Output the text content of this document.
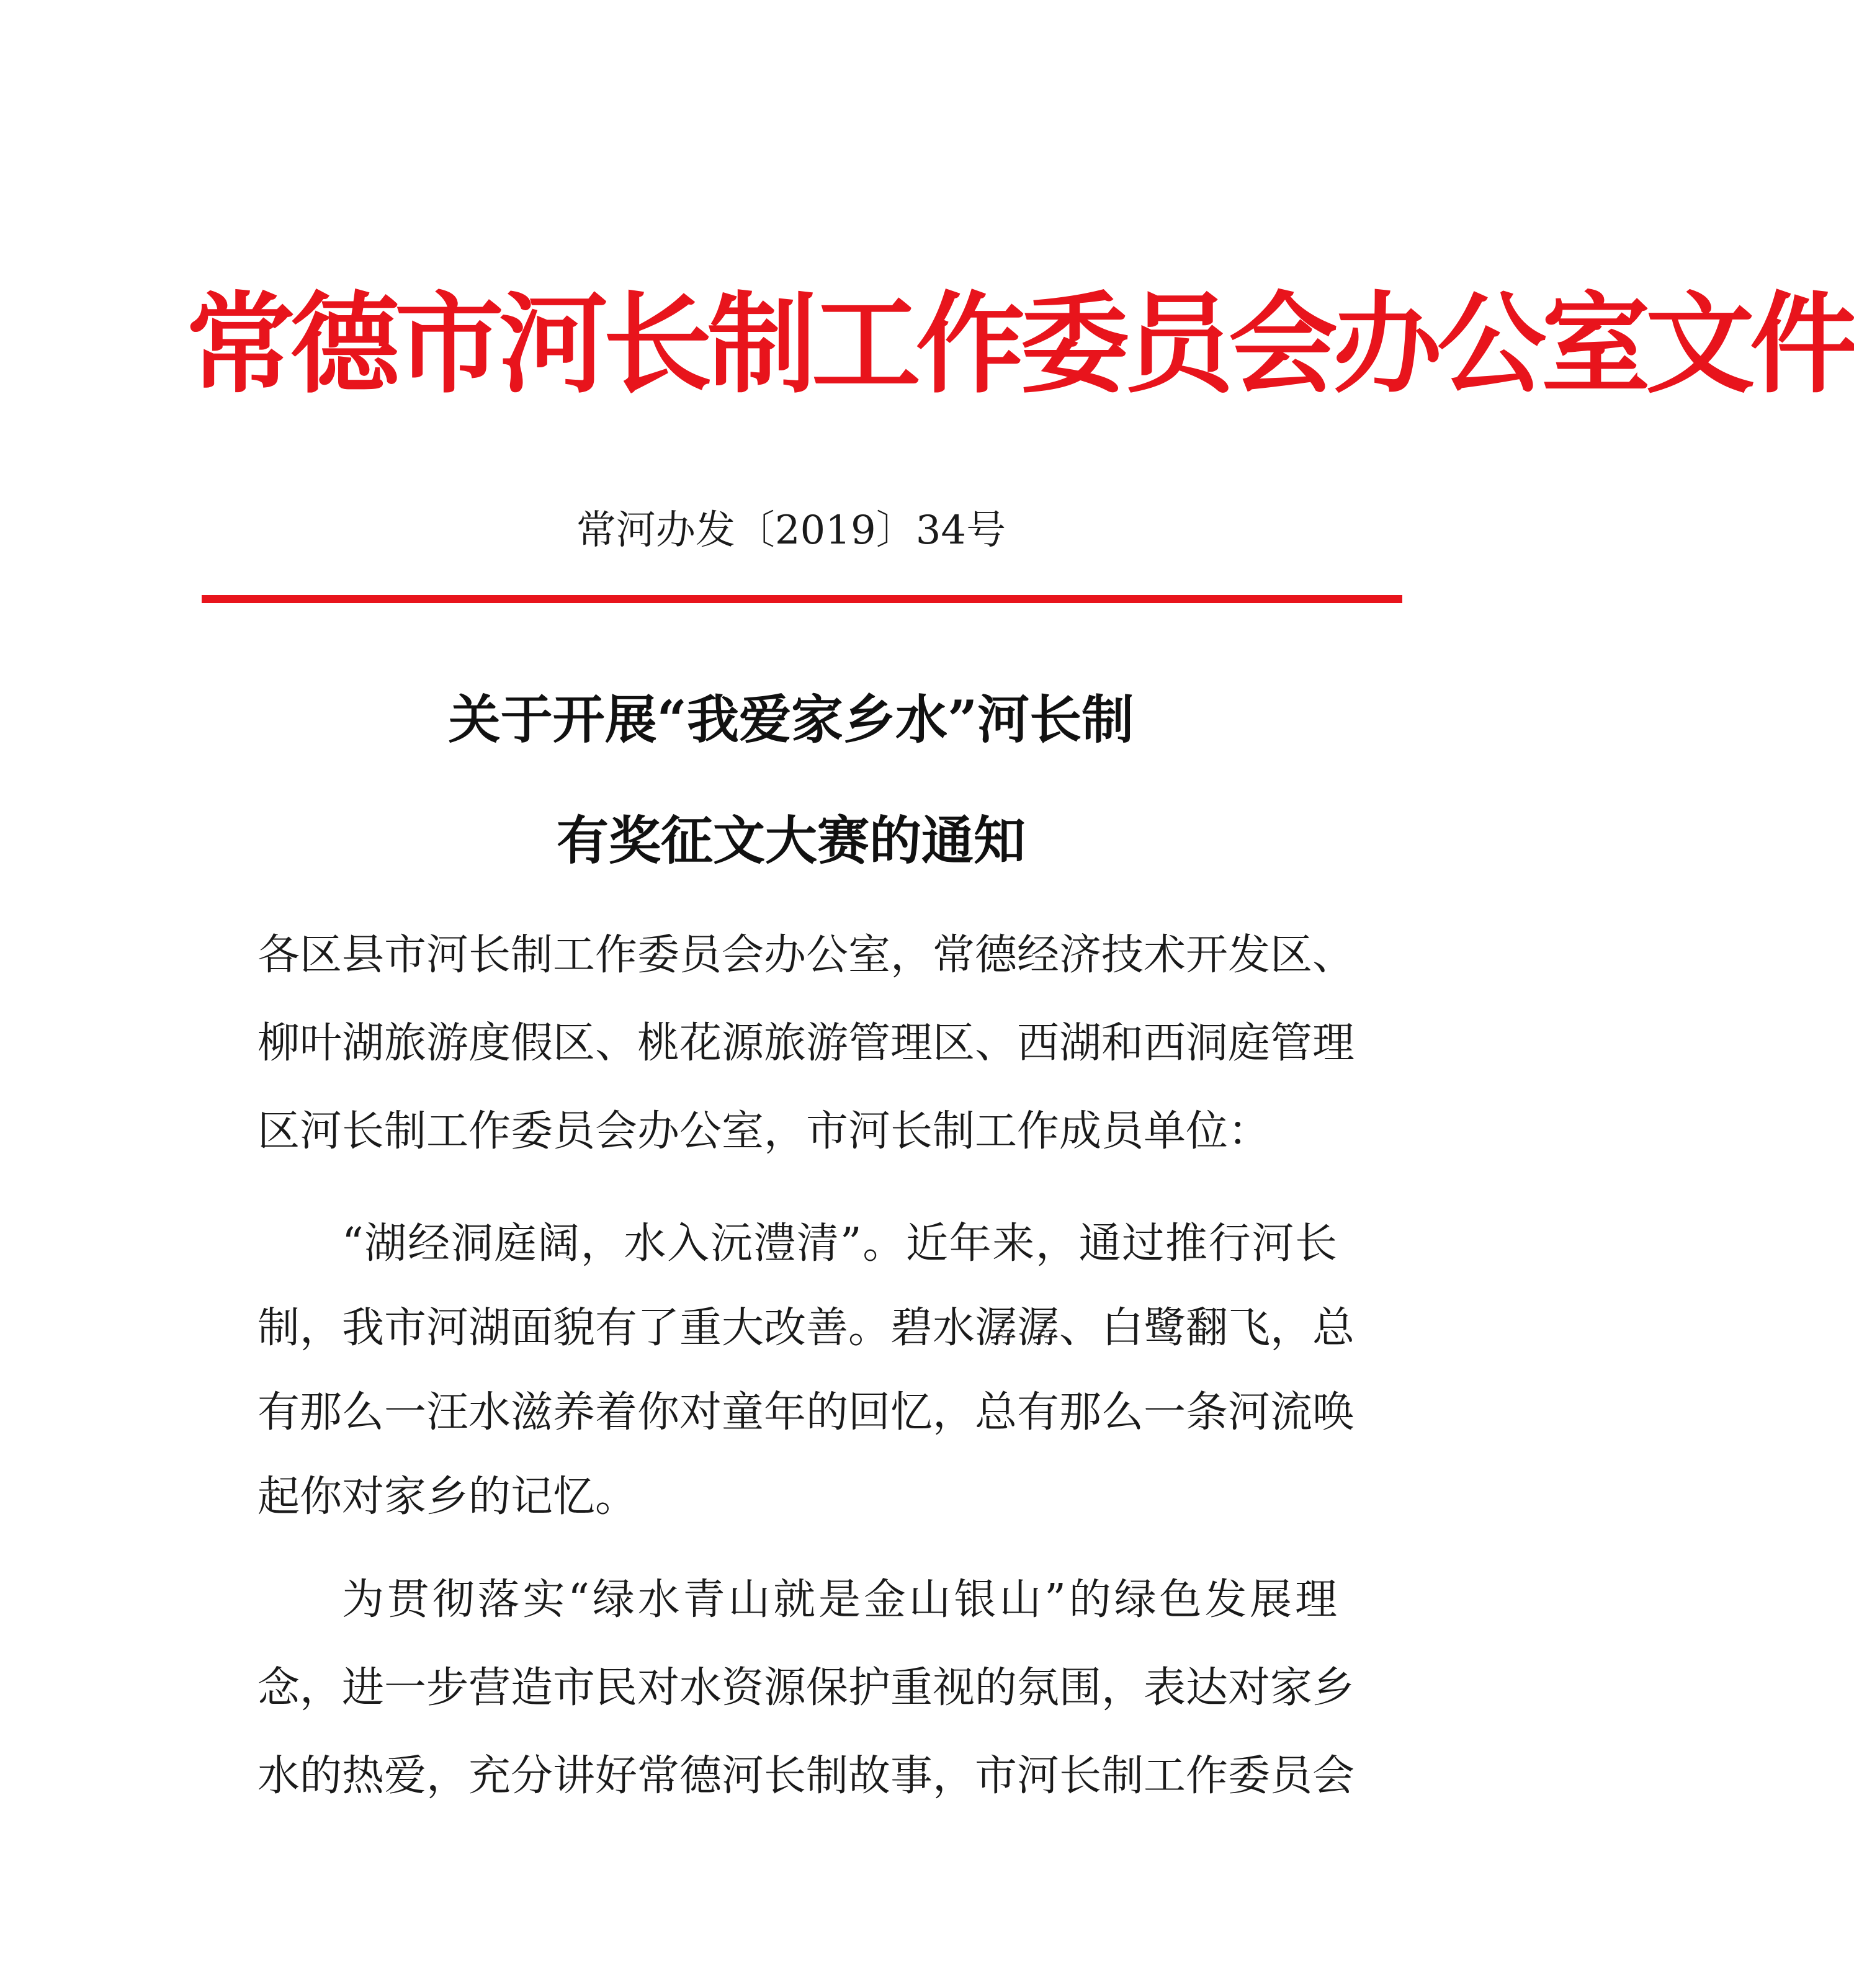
常德市河长制工作委员会办公室文件
常河办发〔2019〕34号
关于开展“我爱家乡水”河长制
有奖征文大赛的通知
各区县市河长制工作委员会办公室，常德经济技术开发区、
柳叶湖旅游度假区、桃花源旅游管理区、西湖和西洞庭管理
区河长制工作委员会办公室，市河长制工作成员单位：
“湖经洞庭阔，水入沅澧清”。近年来，通过推行河长
制，我市河湖面貌有了重大改善。碧水潺潺、白鹭翻飞，总
有那么一汪水滋养着你对童年的回忆，总有那么一条河流唤
起你对家乡的记忆。
为贯彻落实“绿水青山就是金山银山”的绿色发展理
念，进一步营造市民对水资源保护重视的氛围，表达对家乡
水的热爱，充分讲好常德河长制故事，市河长制工作委员会
